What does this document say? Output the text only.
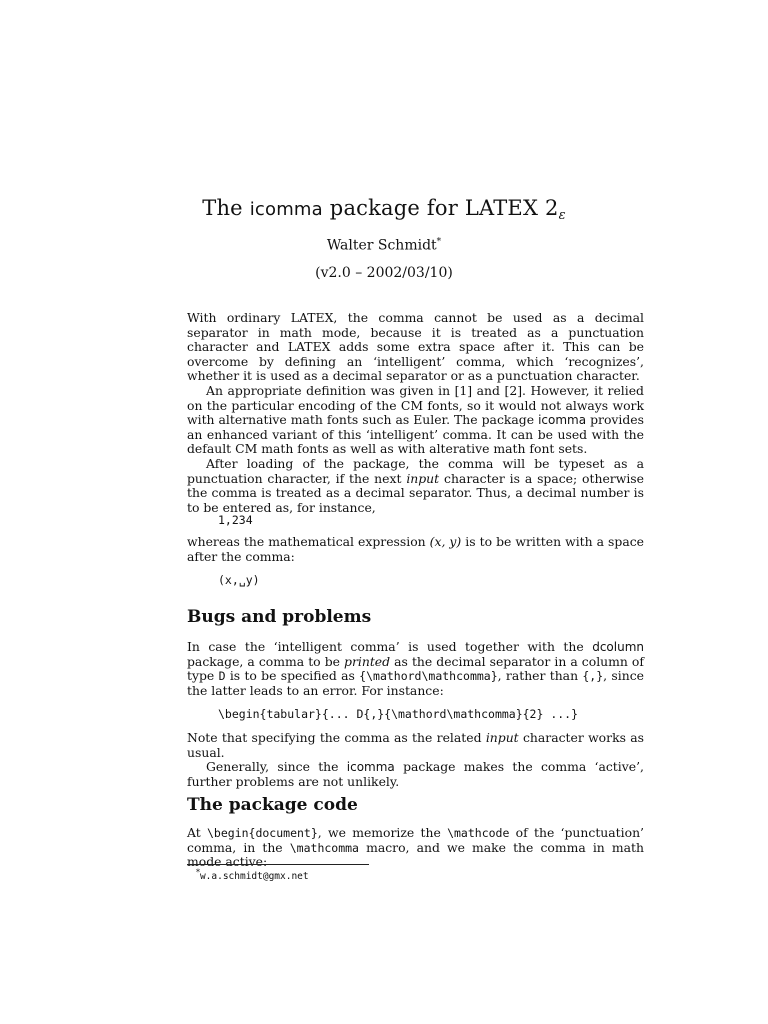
The icomma package for LATEX 2ε
Walter Schmidt*
(v2.0 – 2002/03/10)

With ordinary LATEX, the comma cannot be used as a decimal separator in math mode, because it is treated as a punctuation character and LATEX adds some extra space after it. This can be overcome by defining an ‘intelligent’ comma, which ‘recognizes’, whether it is used as a decimal separator or as a punctuation character.

An appropriate definition was given in [1] and [2]. However, it relied on the particular encoding of the CM fonts, so it would not always work with alternative math fonts such as Euler. The package icomma provides an enhanced variant of this ‘intelligent’ comma. It can be used with the default CM math fonts as well as with alterative math font sets.

After loading of the package, the comma will be typeset as a punctuation character, if the next input character is a space; otherwise the comma is treated as a decimal separator. Thus, a decimal number is to be entered as, for instance,

1,234

whereas the mathematical expression (x, y) is to be written with a space after the comma:

(x,␣y)
Bugs and problems

In case the ‘intelligent comma’ is used together with the dcolumn package, a comma to be printed as the decimal separator in a column of type D is to be specified as {\mathord\mathcomma}, rather than {,}, since the latter leads to an error. For instance:

\begin{tabular}{... D{,}{\mathord\mathcomma}{2} ...}

Note that specifying the comma as the related input character works as usual.

Generally, since the icomma package makes the comma ‘active’, further problems are not unlikely.

The package code

At \begin{document}, we memorize the \mathcode of the ‘punctuation’ comma, in the \mathcomma macro, and we make the comma in math mode active:

*w.a.schmidt@gmx.net
